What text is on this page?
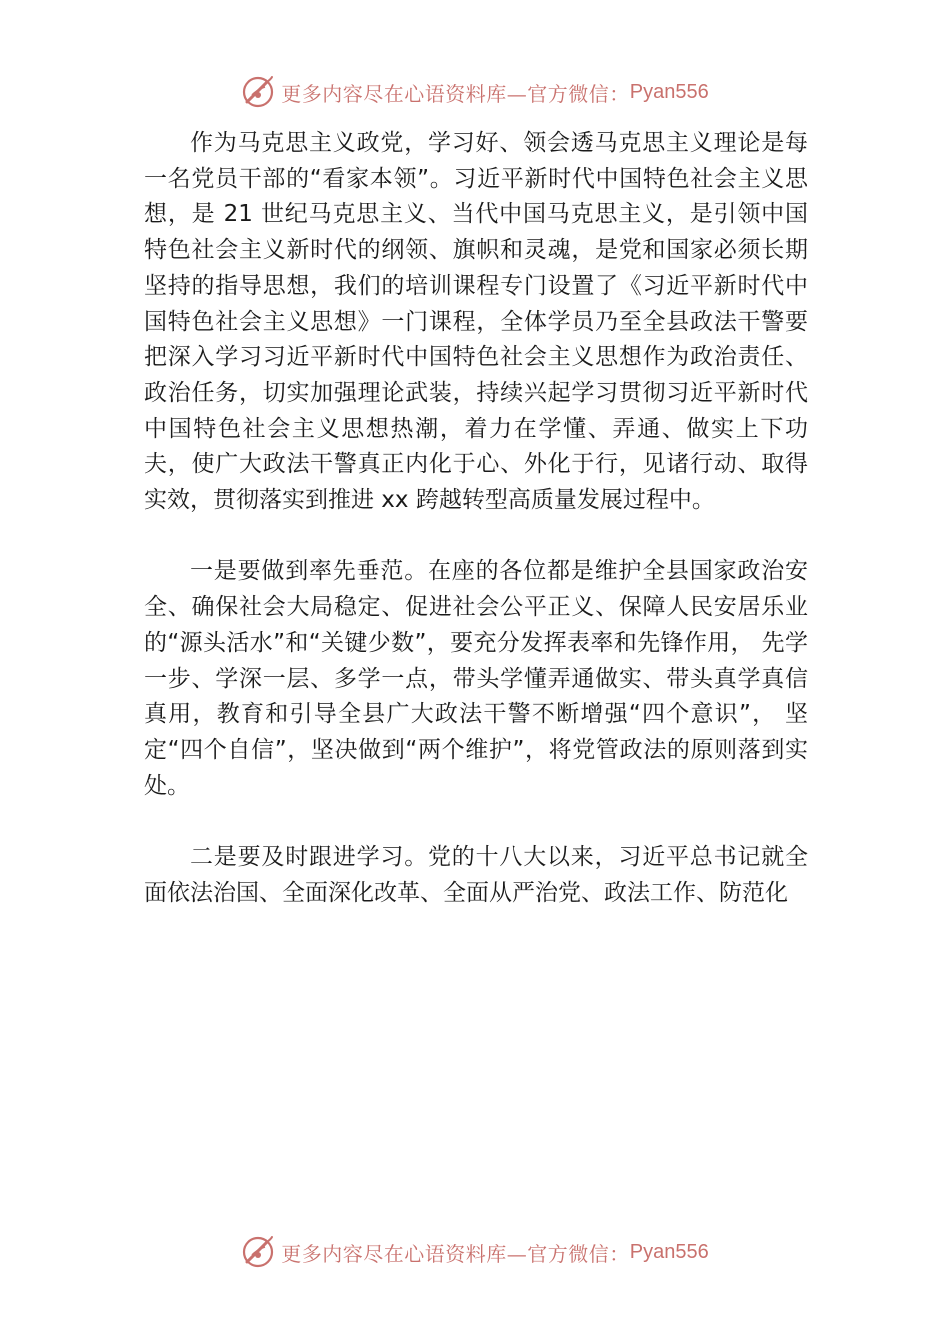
更多内容尽在心语资料库—官方微信： Pyan556

作为马克思主义政党，学习好、领会透马克思主义理论是每一名党员干部的“看家本领”。习近平新时代中国特色社会主义思想，是 21 世纪马克思主义、当代中国马克思主义，是引领中国特色社会主义新时代的纲领、旗帜和灵魂，是党和国家必须长期坚持的指导思想，我们的培训课程专门设置了《习近平新时代中国特色社会主义思想》一门课程，全体学员乃至全县政法干警要把深入学习习近平新时代中国特色社会主义思想作为政治责任、政治任务，切实加强理论武装，持续兴起学习贯彻习近平新时代中国特色社会主义思想热潮，着力在学懂、弄通、做实上下功夫，使广大政法干警真正内化于心、外化于行，见诸行动、取得实效，贯彻落实到推进 xx 跨越转型高质量发展过程中。

一是要做到率先垂范。在座的各位都是维护全县国家政治安全、确保社会大局稳定、促进社会公平正义、保障人民安居乐业的“源头活水”和“关键少数”，要充分发挥表率和先锋作用， 先学一步、学深一层、多学一点，带头学懂弄通做实、带头真学真信真用，教育和引导全县广大政法干警不断增强“四个意识”， 坚定“四个自信”，坚决做到“两个维护”，将党管政法的原则落到实处。

二是要及时跟进学习。党的十八大以来，习近平总书记就全面依法治国、全面深化改革、全面从严治党、政法工作、防范化

更多内容尽在心语资料库—官方微信： Pyan556
